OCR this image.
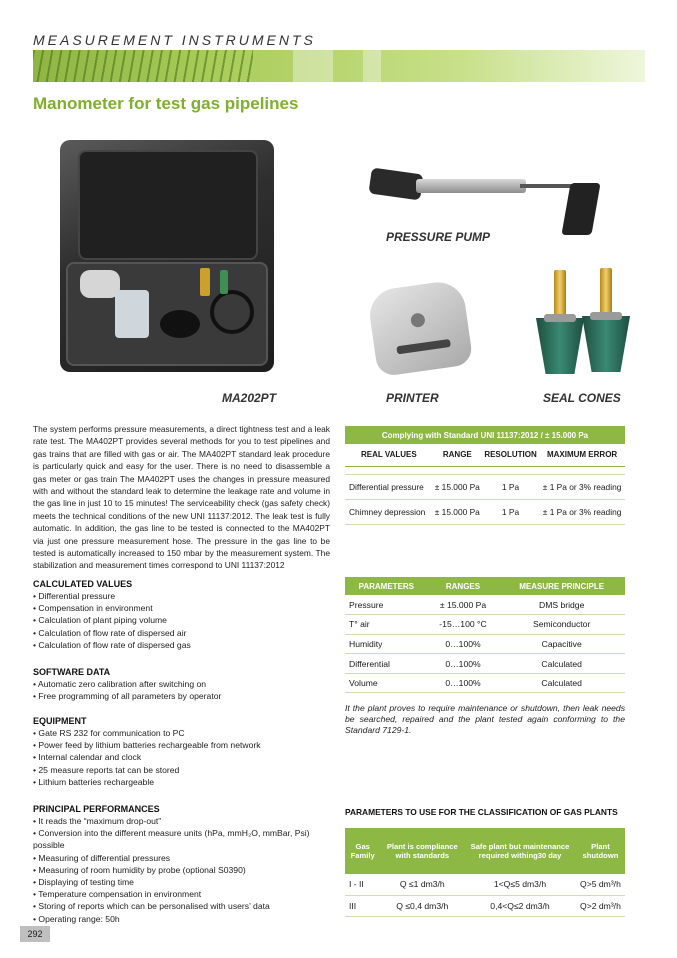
MEASUREMENT INSTRUMENTS
Manometer for test gas pipelines
PRESSURE PUMP
MA202PT	PRINTER	SEAL CONES

The system performs pressure measurements, a direct tightness test and a leak rate test. The MA402PT provides several methods for you to test pipelines and gas trains that are filled with gas or air. The MA402PT standard leak procedure is particularly quick and easy for the user. There is no need to disassemble a gas meter or gas train The MA402PT uses the changes in pressure measured with and without the standard leak to determine the leakage rate and volume in the gas line in just 10 to 15 minutes! The serviceability check (gas safety check) meets the technical conditions of the new UNI 11137:2012. The leak test is fully automatic. In addition, the gas line to be tested is connected to the MA402PT via just one pressure measurement hose. The pressure in the gas line to be tested is automatically increased to 150 mbar by the measurement system. The stabilization and measurement times correspond to UNI 11137:2012

CALCULATED VALUES
• Differential pressure
• Compensation in environment
• Calculation of plant piping volume
• Calculation of flow rate of dispersed air
• Calculation of flow rate of dispersed gas
SOFTWARE DATA
• Automatic zero calibration after switching on
• Free programming of all parameters by operator
EQUIPMENT
• Gate RS 232 for communication to PC
• Power feed by lithium batteries rechargeable from network
• Internal calendar and clock
• 25 measure reports tat can be stored
• Lithium batteries rechargeable
PRINCIPAL PERFORMANCES
• It reads the “maximum drop-out”
• Conversion into the different measure units (hPa, mmH₂O, mmBar, Psi) possible
• Measuring of differential pressures
• Measuring of room humidity by probe (optional S0390)
• Displaying of testing time
• Temperature compensation in environment
• Storing of reports which can be personalised with users’ data
• Operating range: 50h
Complying with Standard UNI 11137:2012 / ± 15.000 Pa			
REAL VALUES	RANGE	RESOLUTION	MAXIMUM ERROR

Differential pressure	± 15.000 Pa	1 Pa	± 1 Pa or 3% reading
Chimney depression	± 15.000 Pa	1 Pa	± 1 Pa or 3% reading
PARAMETERS	RANGES	MEASURE PRINCIPLE
Pressure	± 15.000 Pa	DMS bridge
T° air	-15…100 °C	Semiconductor
Humidity	0…100%	Capacitive
Differential	0…100%	Calculated
Volume	0…100%	Calculated

It the plant proves to require maintenance or shutdown, then leak needs be searched, repaired and the plant tested again conforming to the Standard 7129-1.

PARAMETERS TO USE FOR THE CLASSIFICATION OF GAS PLANTS
Gas Family	Plant is compliance with standards	Safe plant but maintenance required withing30 day	Plant shutdown
I - II	Q ≤1 dm3/h	1<Q≤5 dm3/h	Q>5 dm³/h
III	Q ≤0,4 dm3/h	0,4<Q≤2 dm3/h	Q>2 dm³/h
292
